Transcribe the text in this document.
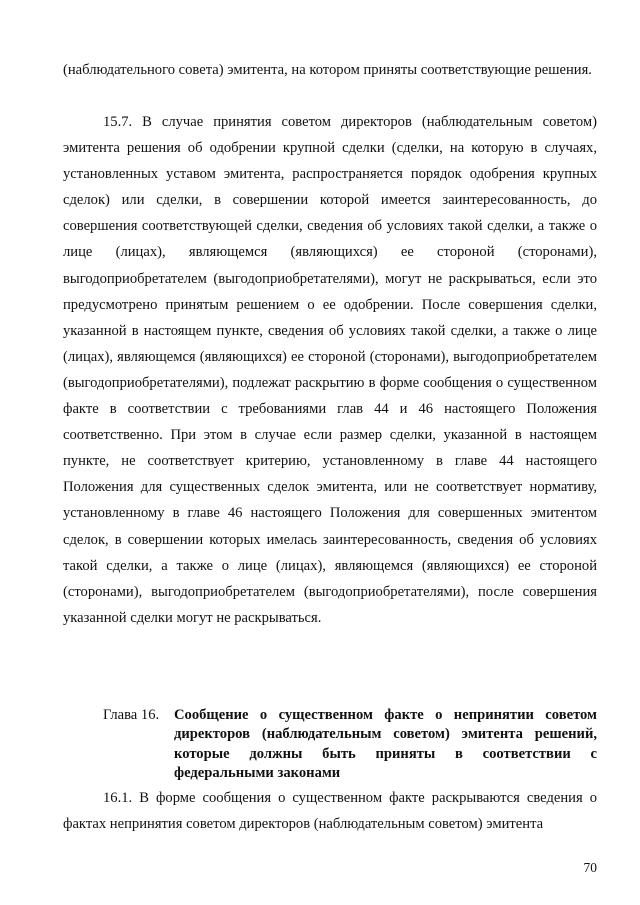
(наблюдательного совета) эмитента, на котором приняты соответствующие решения.

15.7. В случае принятия советом директоров (наблюдательным советом) эмитента решения об одобрении крупной сделки (сделки, на которую в случаях, установленных уставом эмитента, распространяется порядок одобрения крупных сделок) или сделки, в совершении которой имеется заинтересованность, до совершения соответствующей сделки, сведения об условиях такой сделки, а также о лице (лицах), являющемся (являющихся) ее стороной (сторонами), выгодоприобретателем (выгодоприобретателями), могут не раскрываться, если это предусмотрено принятым решением о ее одобрении. После совершения сделки, указанной в настоящем пункте, сведения об условиях такой сделки, а также о лице (лицах), являющемся (являющихся) ее стороной (сторонами), выгодоприобретателем (выгодоприобретателями), подлежат раскрытию в форме сообщения о существенном факте в соответствии с требованиями глав 44 и 46 настоящего Положения соответственно. При этом в случае если размер сделки, указанной в настоящем пункте, не соответствует критерию, установленному в главе 44 настоящего Положения для существенных сделок эмитента, или не соответствует нормативу, установленному в главе 46 настоящего Положения для совершенных эмитентом сделок, в совершении которых имелась заинтересованность, сведения об условиях такой сделки, а также о лице (лицах), являющемся (являющихся) ее стороной (сторонами), выгодоприобретателем (выгодоприобретателями), после совершения указанной сделки могут не раскрываться.

Глава 16. Сообщение о существенном факте о непринятии советом директоров (наблюдательным советом) эмитента решений, которые должны быть приняты в соответствии с федеральными законами

16.1. В форме сообщения о существенном факте раскрываются сведения о фактах непринятия советом директоров (наблюдательным советом) эмитента

70
